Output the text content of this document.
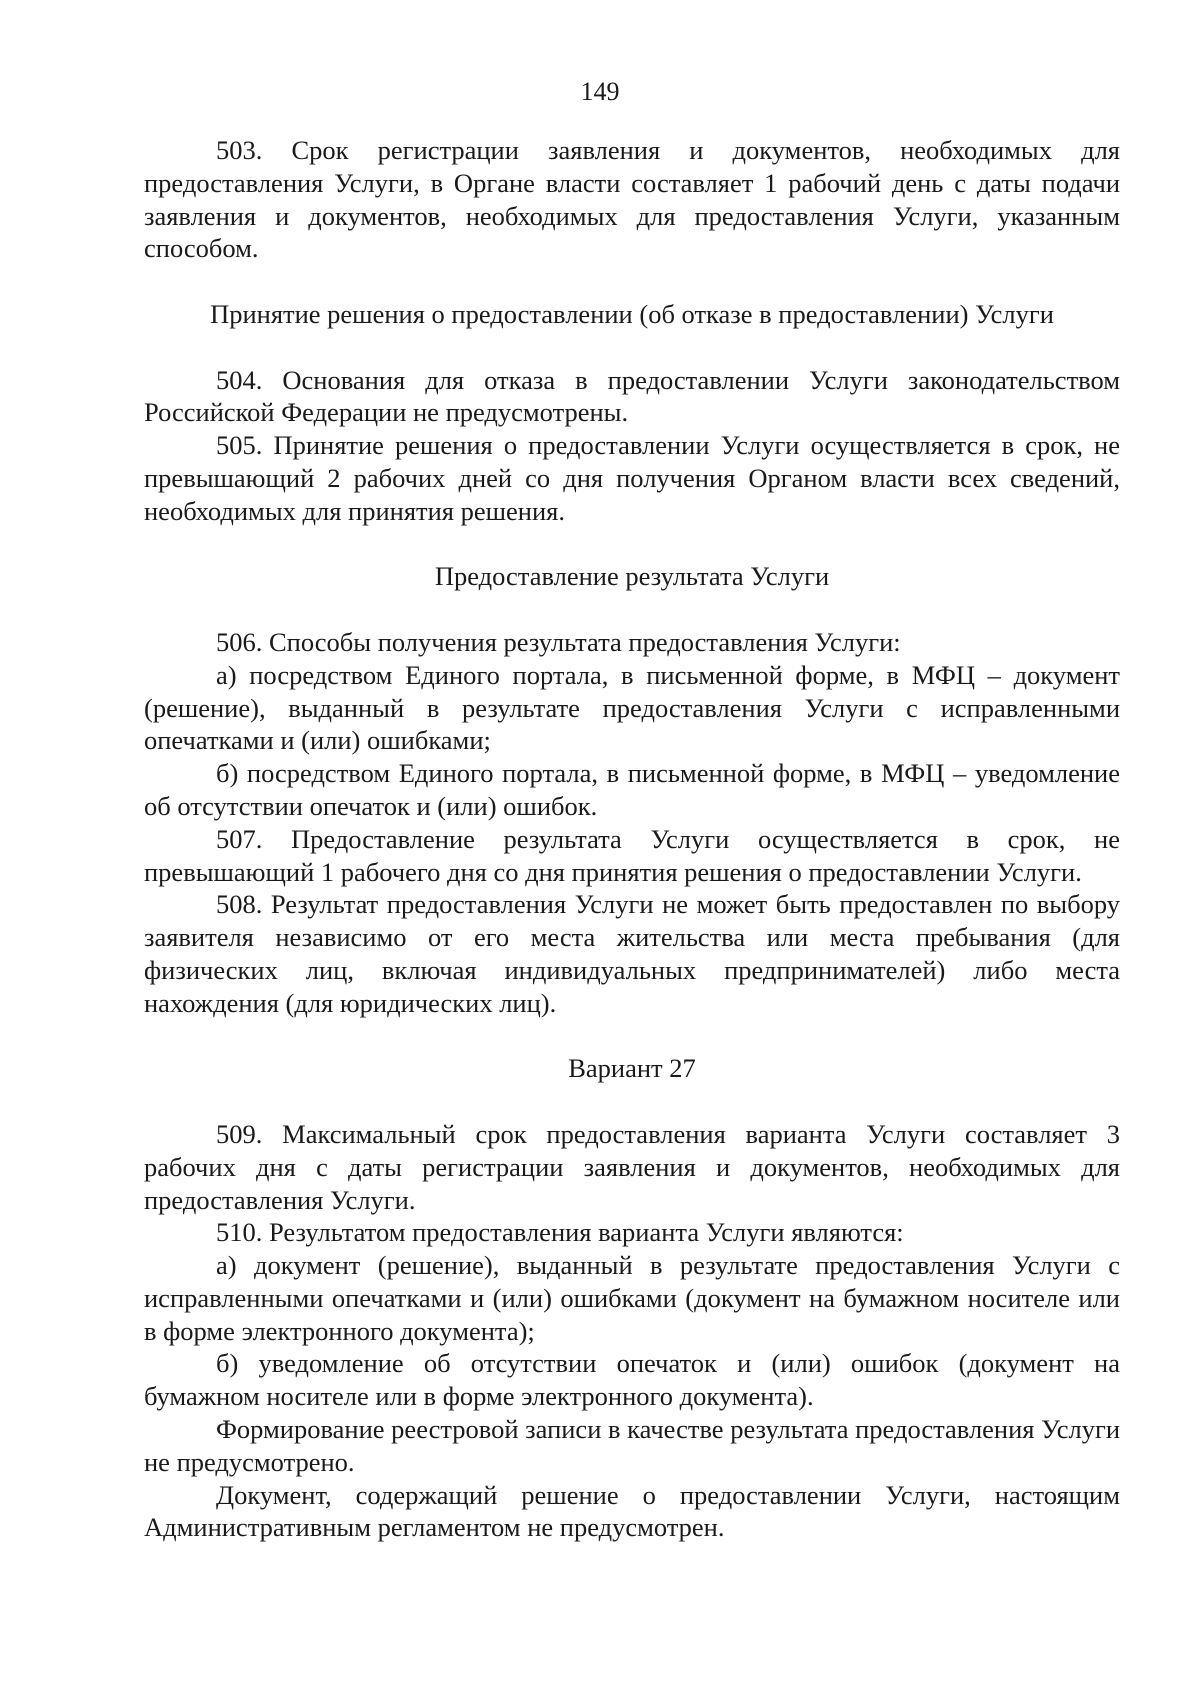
149

503. Срок регистрации заявления и документов, необходимых для предоставления Услуги, в Органе власти составляет 1 рабочий день с даты подачи заявления и документов, необходимых для предоставления Услуги, указанным способом.

Принятие решения о предоставлении (об отказе в предоставлении) Услуги

504. Основания для отказа в предоставлении Услуги законодательством Российской Федерации не предусмотрены.

505. Принятие решения о предоставлении Услуги осуществляется в срок, не превышающий 2 рабочих дней со дня получения Органом власти всех сведений, необходимых для принятия решения.

Предоставление результата Услуги

506. Способы получения результата предоставления Услуги:

а) посредством Единого портала, в письменной форме, в МФЦ – документ (решение), выданный в результате предоставления Услуги с исправленными опечатками и (или) ошибками;

б) посредством Единого портала, в письменной форме, в МФЦ – уведомление об отсутствии опечаток и (или) ошибок.

507. Предоставление результата Услуги осуществляется в срок, не превышающий 1 рабочего дня со дня принятия решения о предоставлении Услуги.

508. Результат предоставления Услуги не может быть предоставлен по выбору заявителя независимо от его места жительства или места пребывания (для физических лиц, включая индивидуальных предпринимателей) либо места нахождения (для юридических лиц).

Вариант 27

509. Максимальный срок предоставления варианта Услуги составляет 3 рабочих дня с даты регистрации заявления и документов, необходимых для предоставления Услуги.

510. Результатом предоставления варианта Услуги являются:

а) документ (решение), выданный в результате предоставления Услуги с исправленными опечатками и (или) ошибками (документ на бумажном носителе или в форме электронного документа);

б) уведомление об отсутствии опечаток и (или) ошибок (документ на бумажном носителе или в форме электронного документа).

Формирование реестровой записи в качестве результата предоставления Услуги не предусмотрено.

Документ, содержащий решение о предоставлении Услуги, настоящим Административным регламентом не предусмотрен.
